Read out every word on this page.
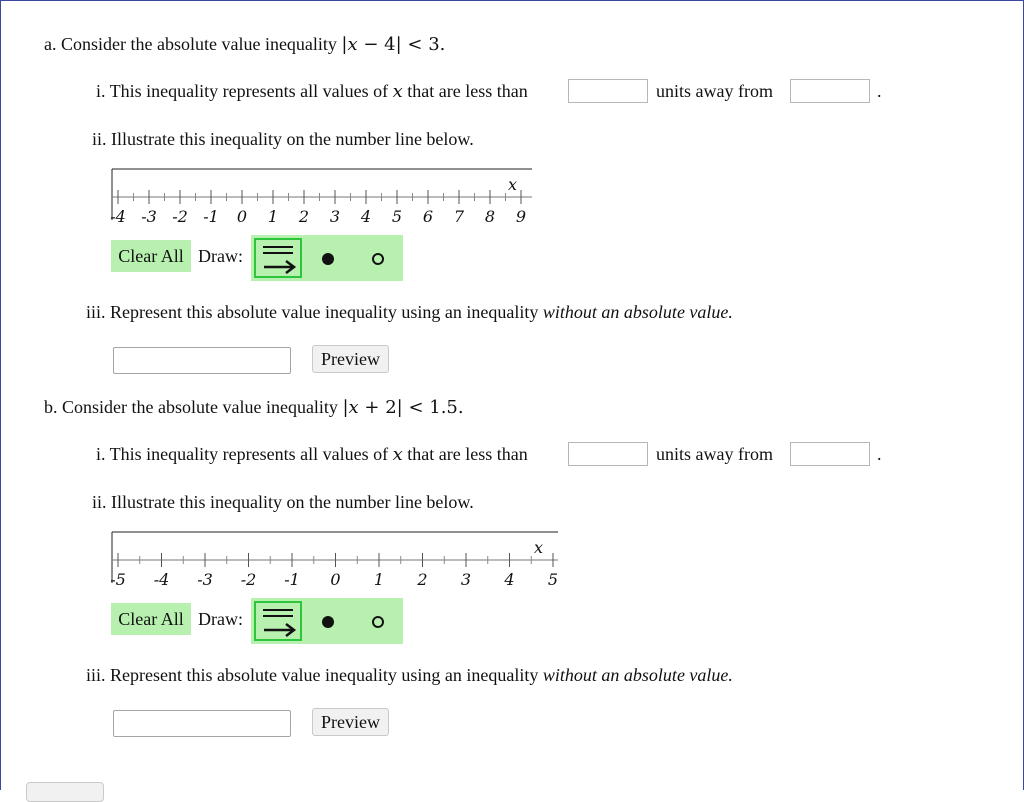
a. Consider the absolute value inequality |x − 4| < 3.
i. This inequality represents all values of x that are less than	units away from	.
ii. Illustrate this inequality on the number line below.
x
-4 -3 -2 -1 0 1 2 3 4 5 6 7 8 9
Clear All Draw:
iii. Represent this absolute value inequality using an inequality without an absolute value.
Preview
b. Consider the absolute value inequality |x + 2| < 1.5.
i. This inequality represents all values of x that are less than	units away from	.
ii. Illustrate this inequality on the number line below.
x
-5 -4 -3 -2 -1 0 1 2 3 4 5
Clear All Draw:
iii. Represent this absolute value inequality using an inequality without an absolute value.
Preview
